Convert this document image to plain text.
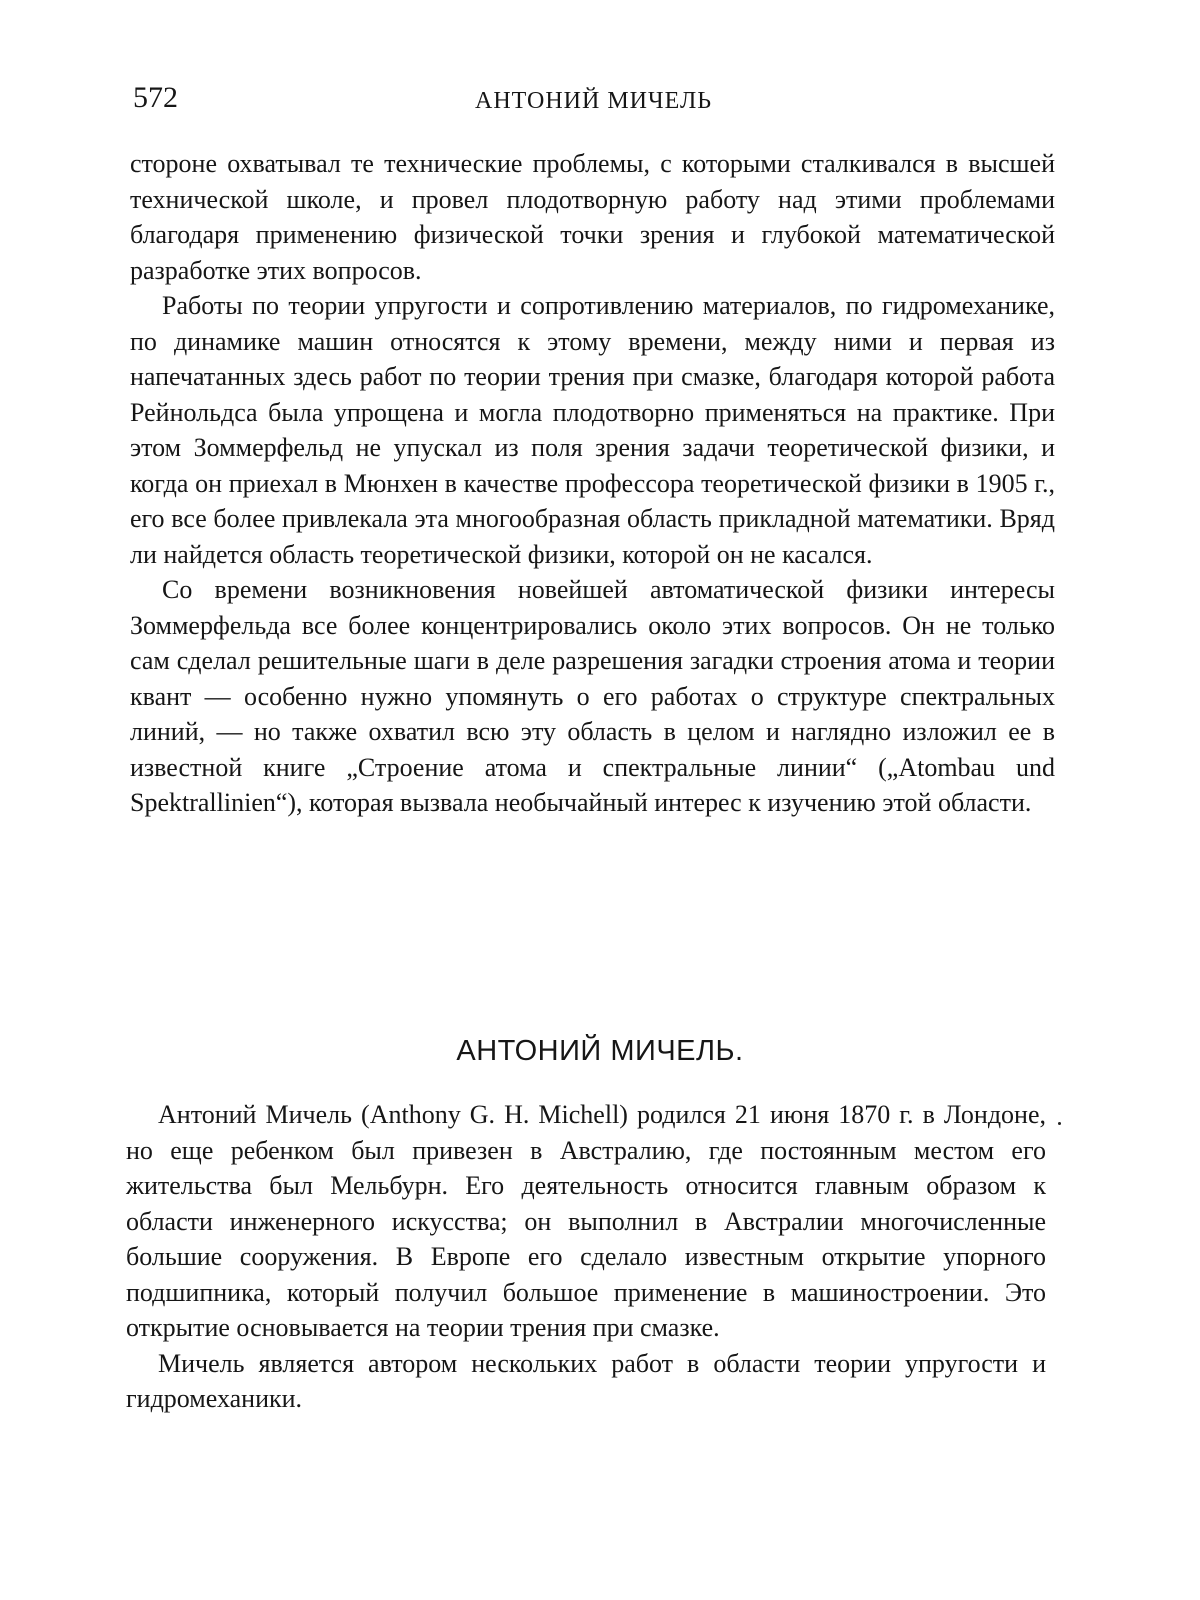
572	АНТОНИЙ МИЧЕЛЬ

стороне охватывал те технические проблемы, с которыми сталкивался в высшей технической школе, и провел плодотворную работу над этими проблемами благодаря применению физической точки зрения и глубокой математической разработке этих вопросов.

Работы по теории упругости и сопротивлению материалов, по гидромеханике, по динамике машин относятся к этому времени, между ними и первая из напечатанных здесь работ по теории трения при смазке, благодаря которой работа Рейнольдса была упрощена и могла плодотворно применяться на практике. При этом Зоммерфельд не упускал из поля зрения задачи теоретической физики, и когда он приехал в Мюнхен в качестве профессора теоретической физики в 1905 г., его все более привлекала эта многообразная область прикладной математики. Вряд ли найдется область теоретической физики, которой он не касался.

Со времени возникновения новейшей автоматической физики интересы Зоммерфельда все более концентрировались около этих вопросов. Он не только сам сделал решительные шаги в деле разрешения загадки строения атома и теории квант — особенно нужно упомянуть о его работах о структуре спектральных линий, — но также охватил всю эту область в целом и наглядно изложил ее в известной книге „Строение атома и спектральные линии“ („Atombau und Spektrallinien“), которая вызвала необычайный интерес к изучению этой области.

АНТОНИЙ МИЧЕЛЬ.

Антоний Мичель (Anthony G. H. Michell) родился 21 июня 1870 г. в Лондоне, но еще ребенком был привезен в Австралию, где постоянным местом его жительства был Мельбурн. Его деятельность относится главным образом к области инженерного искусства; он выполнил в Австралии многочисленные большие сооружения. В Европе его сделало известным открытие упорного подшипника, который получил большое применение в машиностроении. Это открытие основывается на теории трения при смазке.

Мичель является автором нескольких работ в области теории упругости и гидромеханики.
